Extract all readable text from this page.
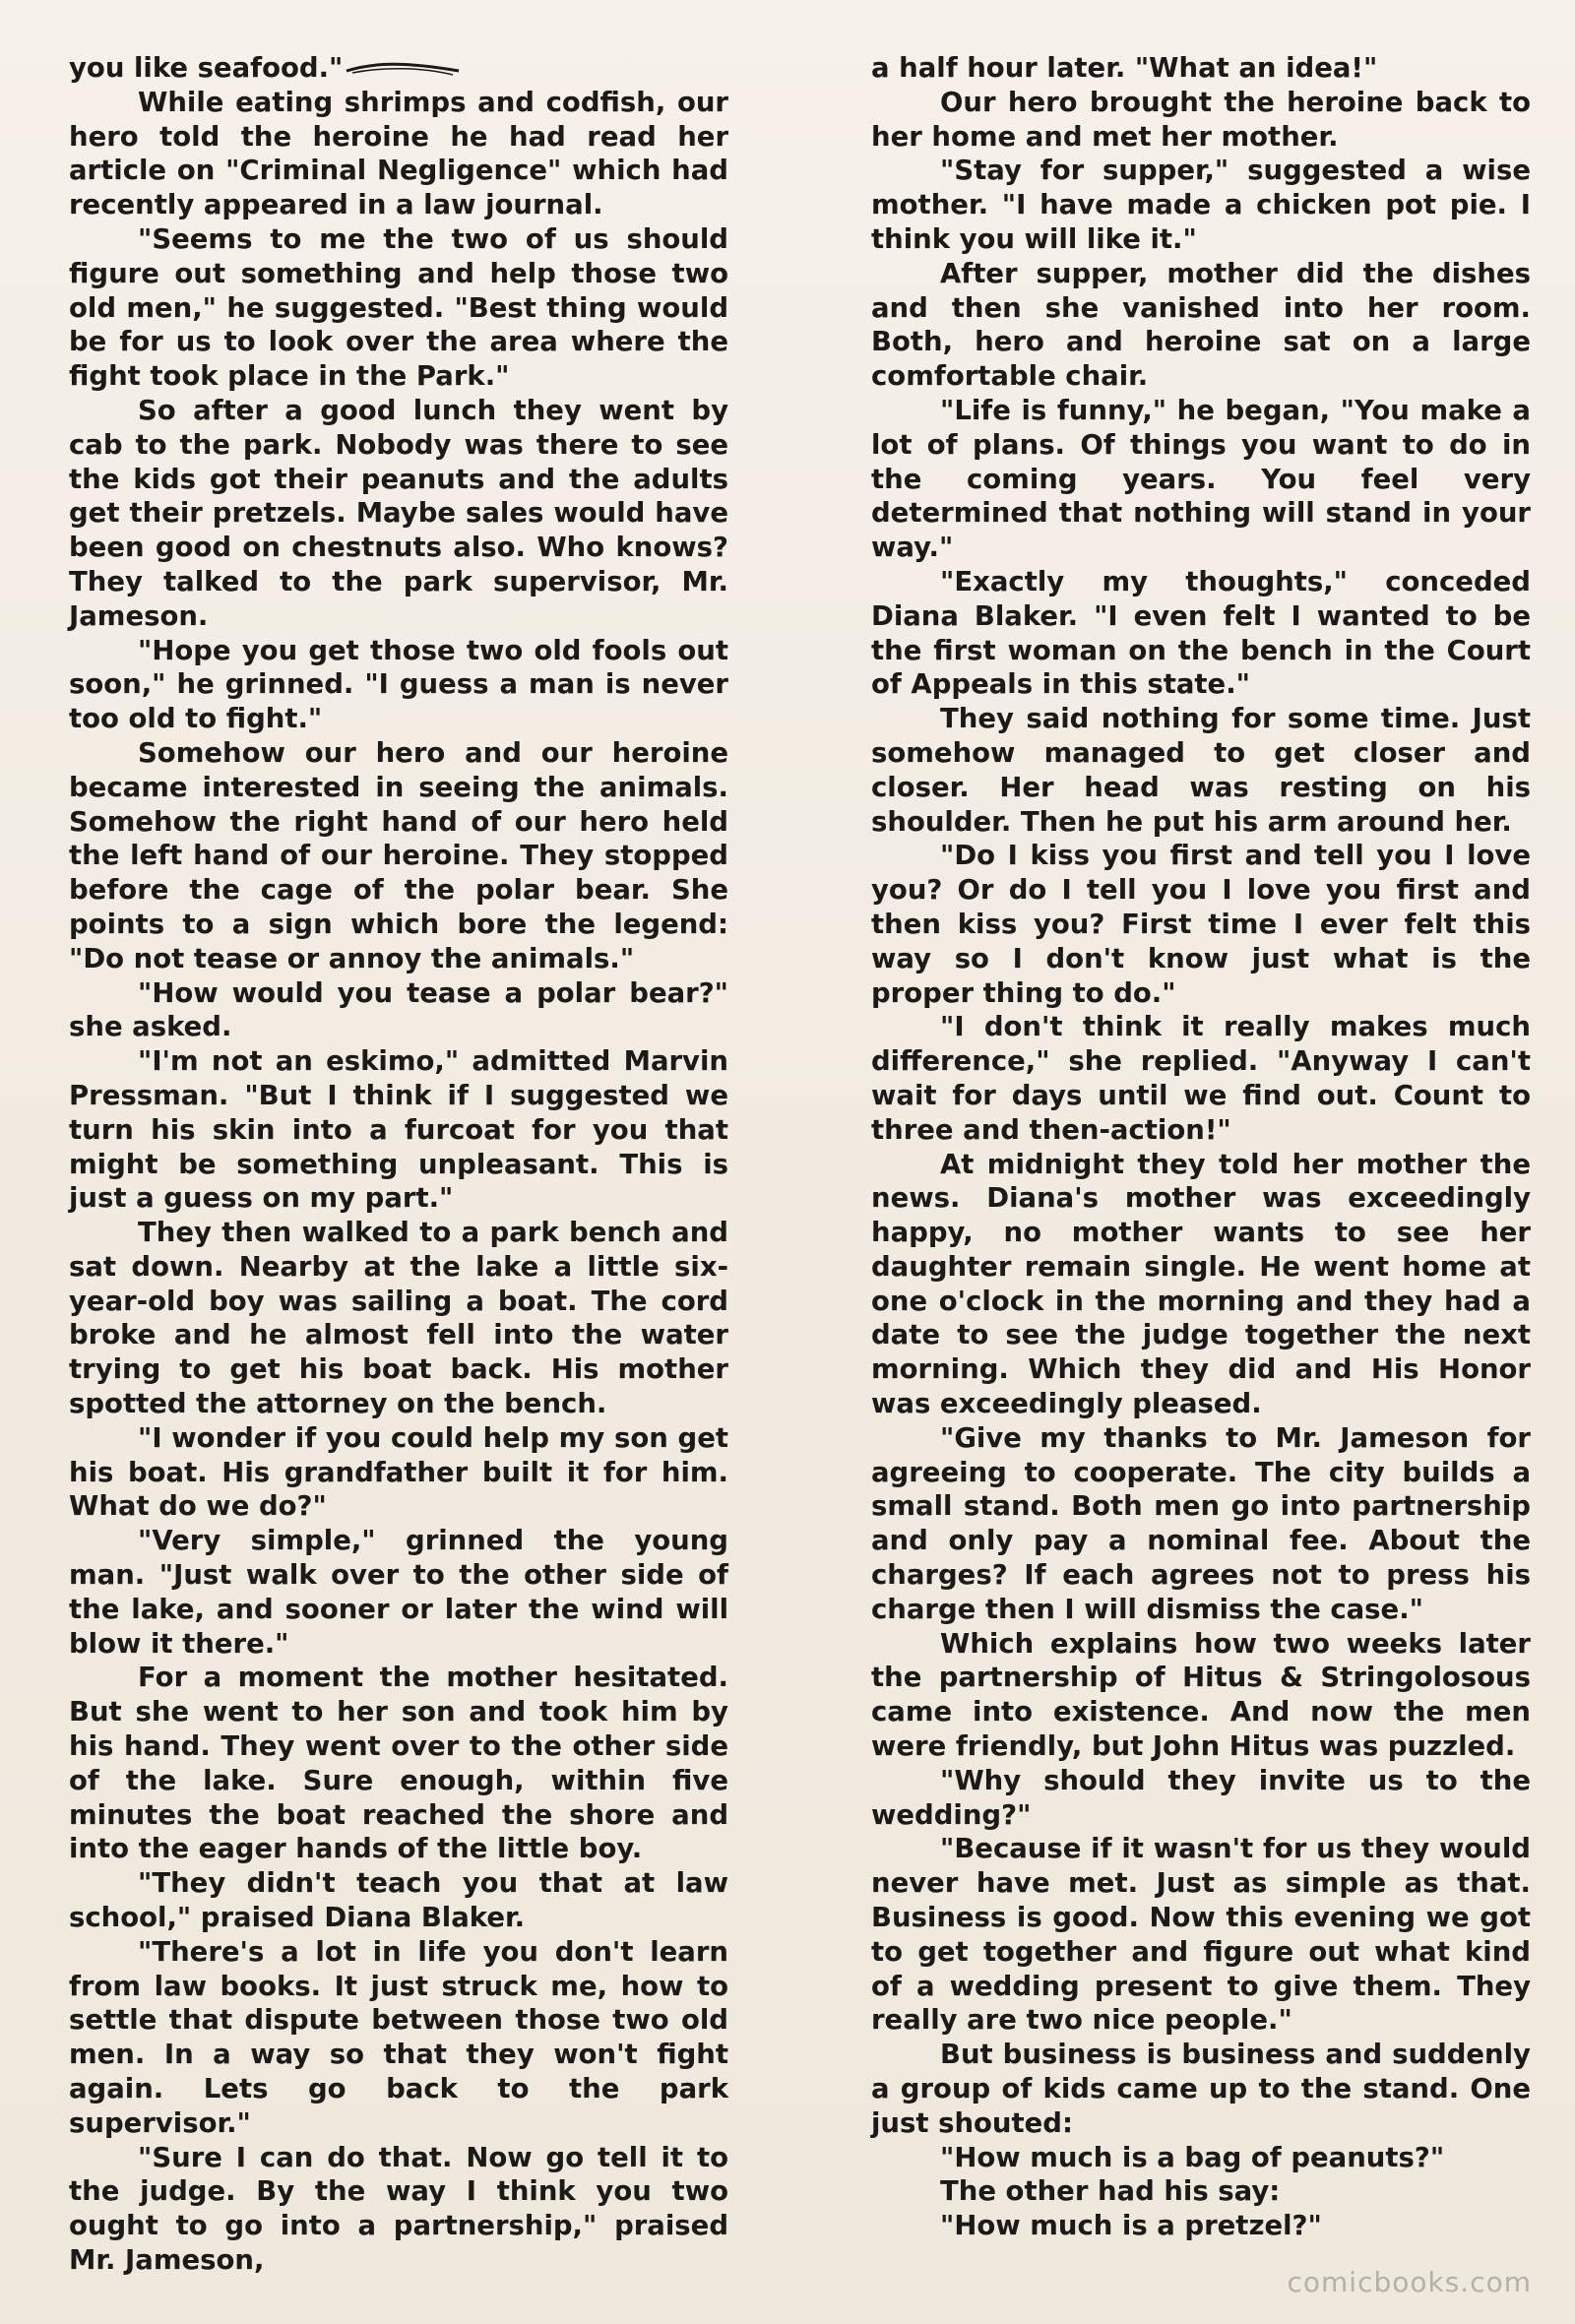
you like seafood."

While eating shrimps and codfish, our hero told the heroine he had read her article on "Criminal Negligence" which had recently appeared in a law journal.

"Seems to me the two of us should figure out something and help those two old men," he suggested. "Best thing would be for us to look over the area where the fight took place in the Park."

So after a good lunch they went by cab to the park. Nobody was there to see the kids got their peanuts and the adults get their pretzels. Maybe sales would have been good on chestnuts also. Who knows? They talked to the park supervisor, Mr. Jameson.

"Hope you get those two old fools out soon," he grinned. "I guess a man is never too old to fight."

Somehow our hero and our heroine became interested in seeing the animals. Somehow the right hand of our hero held the left hand of our heroine. They stopped before the cage of the polar bear. She points to a sign which bore the legend: "Do not tease or annoy the animals."

"How would you tease a polar bear?" she asked.

"I'm not an eskimo," admitted Marvin Pressman. "But I think if I suggested we turn his skin into a furcoat for you that might be something unpleasant. This is just a guess on my part."

They then walked to a park bench and sat down. Nearby at the lake a little six-year-old boy was sailing a boat. The cord broke and he almost fell into the water trying to get his boat back. His mother spotted the attorney on the bench.

"I wonder if you could help my son get his boat. His grandfather built it for him. What do we do?"

"Very simple," grinned the young man. "Just walk over to the other side of the lake, and sooner or later the wind will blow it there."

For a moment the mother hesitated. But she went to her son and took him by his hand. They went over to the other side of the lake. Sure enough, within five minutes the boat reached the shore and into the eager hands of the little boy.

"They didn't teach you that at law school," praised Diana Blaker.

"There's a lot in life you don't learn from law books. It just struck me, how to settle that dispute between those two old men. In a way so that they won't fight again. Lets go back to the park supervisor."

"Sure I can do that. Now go tell it to the judge. By the way I think you two ought to go into a partnership," praised Mr. Jameson,

a half hour later. "What an idea!"

Our hero brought the heroine back to her home and met her mother.

"Stay for supper," suggested a wise mother. "I have made a chicken pot pie. I think you will like it."

After supper, mother did the dishes and then she vanished into her room. Both, hero and heroine sat on a large comfortable chair.

"Life is funny," he began, "You make a lot of plans. Of things you want to do in the coming years. You feel very determined that nothing will stand in your way."

"Exactly my thoughts," conceded Diana Blaker. "I even felt I wanted to be the first woman on the bench in the Court of Appeals in this state."

They said nothing for some time. Just somehow managed to get closer and closer. Her head was resting on his shoulder. Then he put his arm around her.

"Do I kiss you first and tell you I love you? Or do I tell you I love you first and then kiss you? First time I ever felt this way so I don't know just what is the proper thing to do."

"I don't think it really makes much difference," she replied. "Anyway I can't wait for days until we find out. Count to three and then-action!"

At midnight they told her mother the news. Diana's mother was exceedingly happy, no mother wants to see her daughter remain single. He went home at one o'clock in the morning and they had a date to see the judge together the next morning. Which they did and His Honor was exceedingly pleased.

"Give my thanks to Mr. Jameson for agreeing to cooperate. The city builds a small stand. Both men go into partnership and only pay a nominal fee. About the charges? If each agrees not to press his charge then I will dismiss the case."

Which explains how two weeks later the partnership of Hitus & Stringolosous came into existence. And now the men were friendly, but John Hitus was puzzled.

"Why should they invite us to the wedding?"

"Because if it wasn't for us they would never have met. Just as simple as that. Business is good. Now this evening we got to get together and figure out what kind of a wedding present to give them. They really are two nice people."

But business is business and suddenly a group of kids came up to the stand. One just shouted:

"How much is a bag of peanuts?"

The other had his say:

"How much is a pretzel?"

comicbooks.com
